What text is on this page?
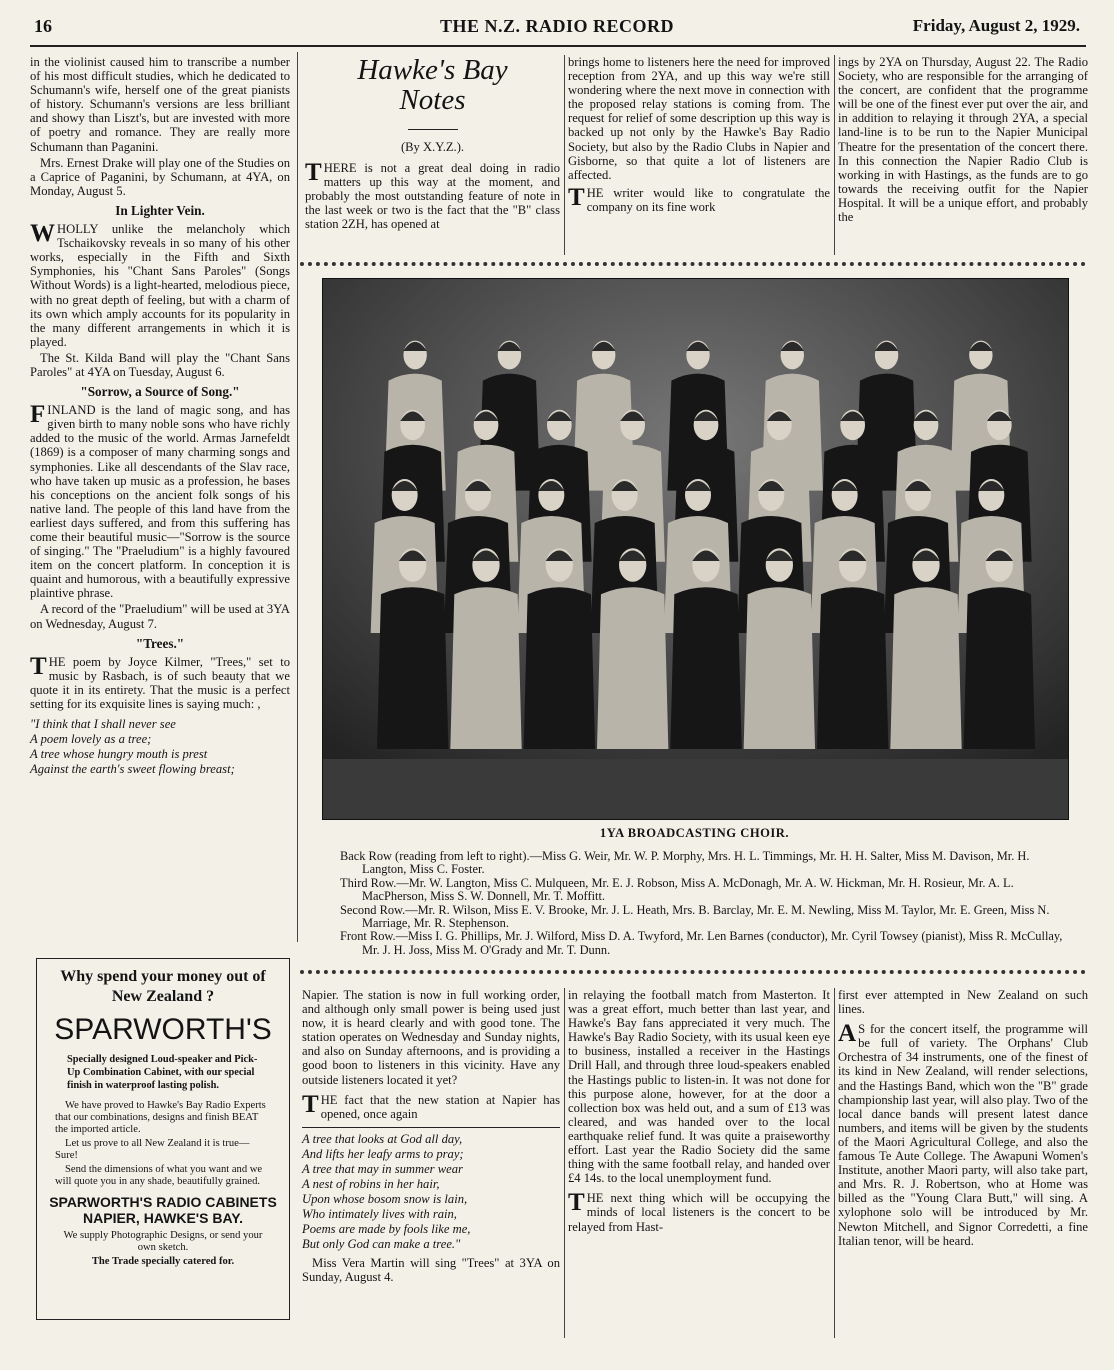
16	THE N.Z. RADIO RECORD	Friday, August 2, 1929.

in the violinist caused him to transcribe a number of his most difficult studies, which he dedicated to Schumann's wife, herself one of the great pianists of history. Schumann's versions are less brilliant and showy than Liszt's, but are invested with more of poetry and romance. They are really more Schumann than Paganini.

Mrs. Ernest Drake will play one of the Studies on a Caprice of Paganini, by Schumann, at 4YA, on Monday, August 5.

In Lighter Vein.

WHOLLY unlike the melancholy which Tschaikovsky reveals in so many of his other works, especially in the Fifth and Sixth Symphonies, his "Chant Sans Paroles" (Songs Without Words) is a light-hearted, melodious piece, with no great depth of feeling, but with a charm of its own which amply accounts for its popularity in the many different arrangements in which it is played.

The St. Kilda Band will play the "Chant Sans Paroles" at 4YA on Tuesday, August 6.

"Sorrow, a Source of Song."

FINLAND is the land of magic song, and has given birth to many noble sons who have richly added to the music of the world. Armas Jarnefeldt (1869) is a composer of many charming songs and symphonies. Like all descendants of the Slav race, who have taken up music as a profession, he bases his conceptions on the ancient folk songs of his native land. The people of this land have from the earliest days suffered, and from this suffering has come their beautiful music—"Sorrow is the source of singing." The "Praeludium" is a highly favoured item on the concert platform. In conception it is quaint and humorous, with a beautifully expressive plaintive phrase.

A record of the "Praeludium" will be used at 3YA on Wednesday, August 7.

"Trees."

THE poem by Joyce Kilmer, "Trees," set to music by Rasbach, is of such beauty that we quote it in its entirety. That the music is a perfect setting for its exquisite lines is saying much: ,

"I think that I shall never see
A poem lovely as a tree;
A tree whose hungry mouth is prest
Against the earth's sweet flowing breast;
Hawke's Bay
Notes
(By X.Y.Z.).

THERE is not a great deal doing in radio matters up this way at the moment, and probably the most outstanding feature of note in the last week or two is the fact that the "B" class station 2ZH, has opened at

brings home to listeners here the need for improved reception from 2YA, and up this way we're still wondering where the next move in connection with the proposed relay stations is coming from. The request for relief of some description up this way is backed up not only by the Hawke's Bay Radio Society, but also by the Radio Clubs in Napier and Gisborne, so that quite a lot of listeners are affected.

THE writer would like to congratulate the company on its fine work

ings by 2YA on Thursday, August 22. The Radio Society, who are responsible for the arranging of the concert, are confident that the programme will be one of the finest ever put over the air, and in addition to relaying it through 2YA, a special land-line is to be run to the Napier Municipal Theatre for the presentation of the concert there. In this connection the Napier Radio Club is working in with Hastings, as the funds are to go towards the receiving outfit for the Napier Hospital. It will be a unique effort, and probably the

1YA BROADCASTING CHOIR.
Back Row (reading from left to right).—Miss G. Weir, Mr. W. P. Morphy, Mrs. H. L. Timmings, Mr. H. H. Salter, Miss M. Davison, Mr. H. Langton, Miss C. Foster.
Third Row.—Mr. W. Langton, Miss C. Mulqueen, Mr. E. J. Robson, Miss A. McDonagh, Mr. A. W. Hickman, Mr. H. Rosieur, Mr. A. L. MacPherson, Miss S. W. Donnell, Mr. T. Moffitt.
Second Row.—Mr. R. Wilson, Miss E. V. Brooke, Mr. J. L. Heath, Mrs. B. Barclay, Mr. E. M. Newling, Miss M. Taylor, Mr. E. Green, Miss N. Marriage, Mr. R. Stephenson.
Front Row.—Miss I. G. Phillips, Mr. J. Wilford, Miss D. A. Twyford, Mr. Len Barnes (conductor), Mr. Cyril Towsey (pianist), Miss R. McCullay, Mr. J. H. Joss, Miss M. O'Grady and Mr. T. Dunn.
Why spend your money out of New Zealand ?
SPARWORTH'S
Specially designed Loud-speaker and Pick-Up Combination Cabinet, with our special finish in waterproof lasting polish.

We have proved to Hawke's Bay Radio Experts that our combinations, designs and finish BEAT the imported article.

Let us prove to all New Zealand it is true—Sure!

Send the dimensions of what you want and we will quote you in any shade, beautifully grained.

SPARWORTH'S RADIO CABINETS
NAPIER, HAWKE'S BAY.
We supply Photographic Designs, or send your own sketch.
The Trade specially catered for.

Napier. The station is now in full working order, and although only small power is being used just now, it is heard clearly and with good tone. The station operates on Wednesday and Sunday nights, and also on Sunday afternoons, and is providing a good boon to listeners in this vicinity. Have any outside listeners located it yet?

THE fact that the new station at Napier has opened, once again

A tree that looks at God all day,
And lifts her leafy arms to pray;
A tree that may in summer wear
A nest of robins in her hair,
Upon whose bosom snow is lain,
Who intimately lives with rain,
Poems are made by fools like me,
But only God can make a tree."

Miss Vera Martin will sing "Trees" at 3YA on Sunday, August 4.

in relaying the football match from Masterton. It was a great effort, much better than last year, and Hawke's Bay fans appreciated it very much. The Hawke's Bay Radio Society, with its usual keen eye to business, installed a receiver in the Hastings Drill Hall, and through three loud-speakers enabled the Hastings public to listen-in. It was not done for this purpose alone, however, for at the door a collection box was held out, and a sum of £13 was cleared, and was handed over to the local earthquake relief fund. It was quite a praiseworthy effort. Last year the Radio Society did the same thing with the same football relay, and handed over £4 14s. to the local unemployment fund.

THE next thing which will be occupying the minds of local listeners is the concert to be relayed from Hast-

first ever attempted in New Zealand on such lines.

A S for the concert itself, the programme will be full of variety. The Orphans' Club Orchestra of 34 instruments, one of the finest of its kind in New Zealand, will render selections, and the Hastings Band, which won the "B" grade championship last year, will also play. Two of the local dance bands will present latest dance numbers, and items will be given by the students of the Maori Agricultural College, and also the famous Te Aute College. The Awapuni Women's Institute, another Maori party, will also take part, and Mrs. R. J. Robertson, who at Home was billed as the "Young Clara Butt," will sing. A xylophone solo will be introduced by Mr. Newton Mitchell, and Signor Corredetti, a fine Italian tenor, will be heard.
